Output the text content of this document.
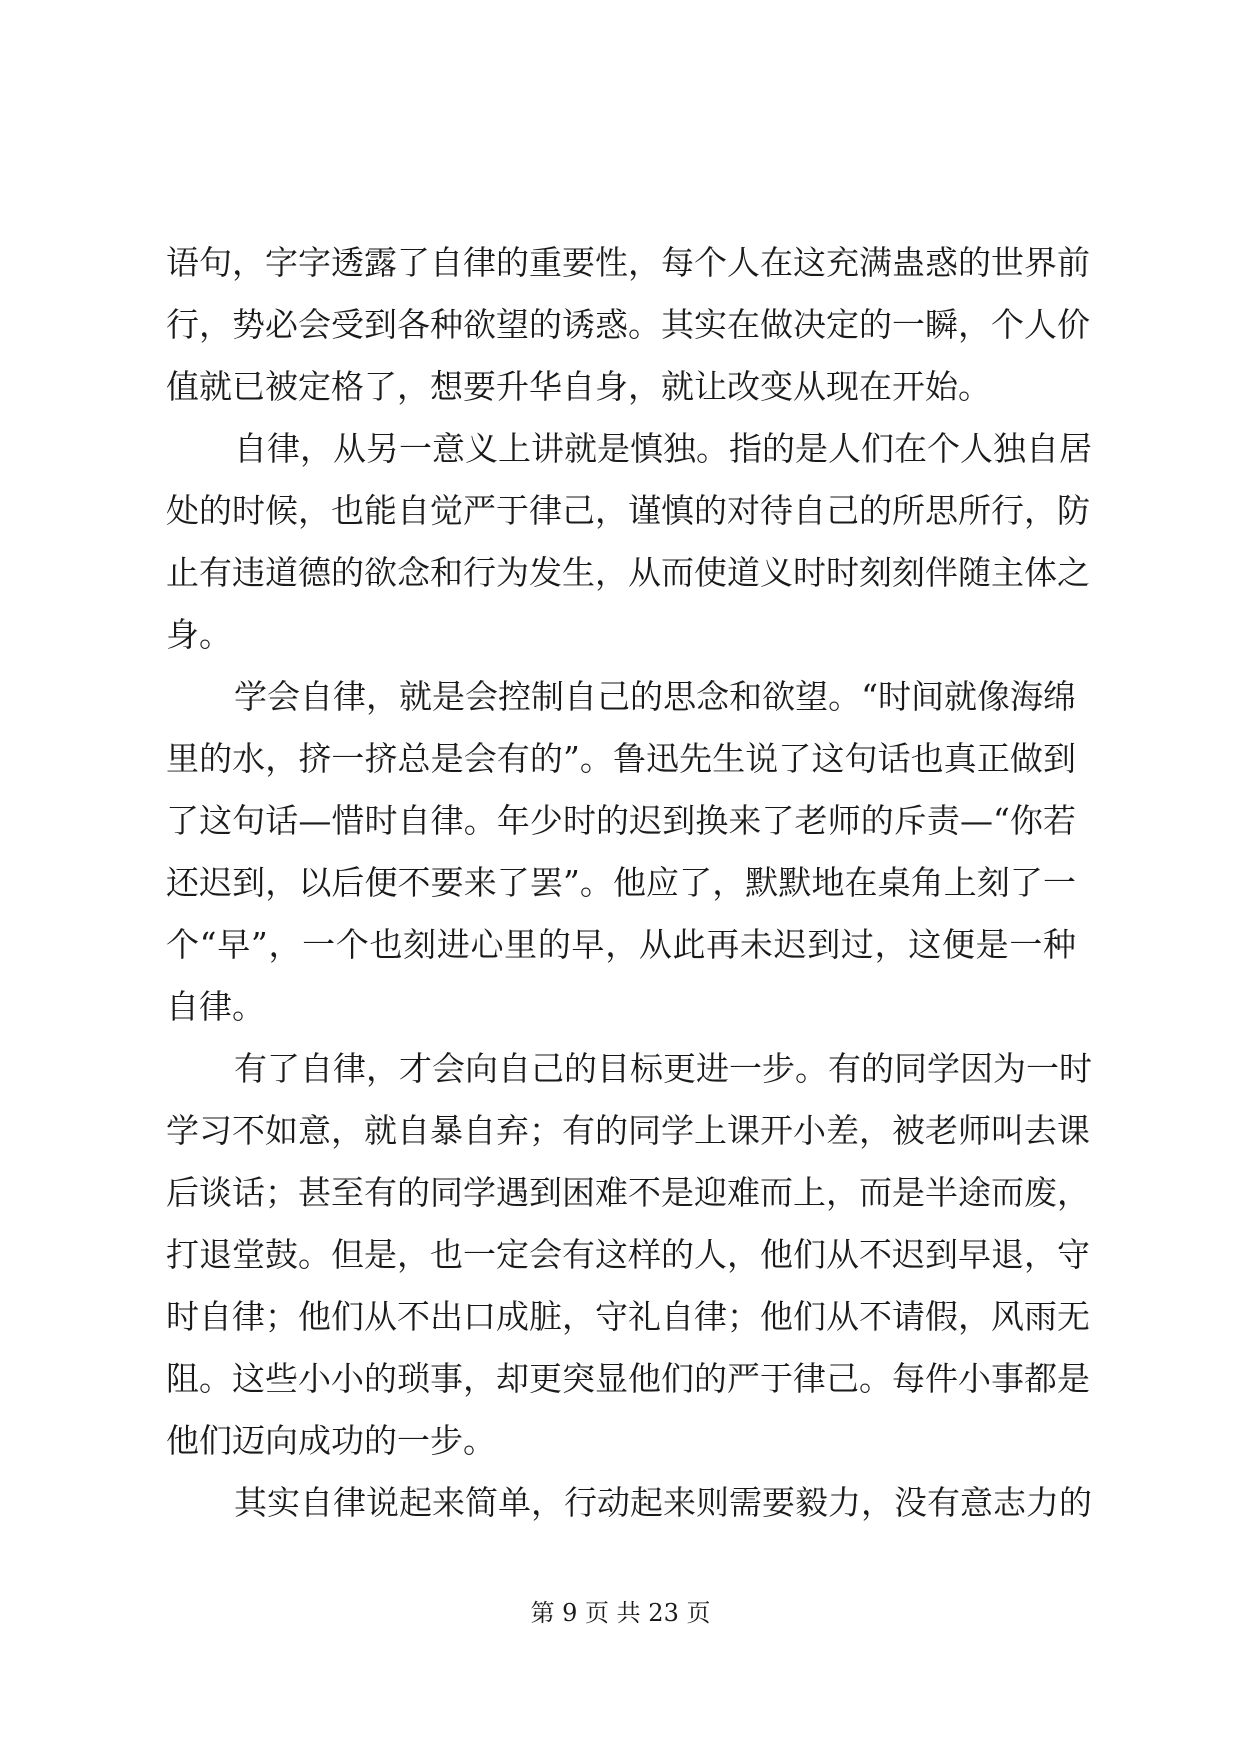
语句，字字透露了自律的重要性，每个人在这充满蛊惑的世界前
行，势必会受到各种欲望的诱惑。其实在做决定的一瞬，个人价
值就已被定格了，想要升华自身，就让改变从现在开始。
自律，从另一意义上讲就是慎独。指的是人们在个人独自居
处的时候，也能自觉严于律己，谨慎的对待自己的所思所行，防
止有违道德的欲念和行为发生，从而使道义时时刻刻伴随主体之
身。
学会自律，就是会控制自己的思念和欲望。“时间就像海绵
里的水，挤一挤总是会有的”。鲁迅先生说了这句话也真正做到
了这句话—惜时自律。年少时的迟到换来了老师的斥责—“你若
还迟到，以后便不要来了罢”。他应了，默默地在桌角上刻了一
个“早”，一个也刻进心里的早，从此再未迟到过，这便是一种
自律。
有了自律，才会向自己的目标更进一步。有的同学因为一时
学习不如意，就自暴自弃；有的同学上课开小差，被老师叫去课
后谈话；甚至有的同学遇到困难不是迎难而上，而是半途而废，
打退堂鼓。但是，也一定会有这样的人，他们从不迟到早退，守
时自律；他们从不出口成脏，守礼自律；他们从不请假，风雨无
阻。这些小小的琐事，却更突显他们的严于律己。每件小事都是
他们迈向成功的一步。
其实自律说起来简单，行动起来则需要毅力，没有意志力的
第 9 页 共 23 页
